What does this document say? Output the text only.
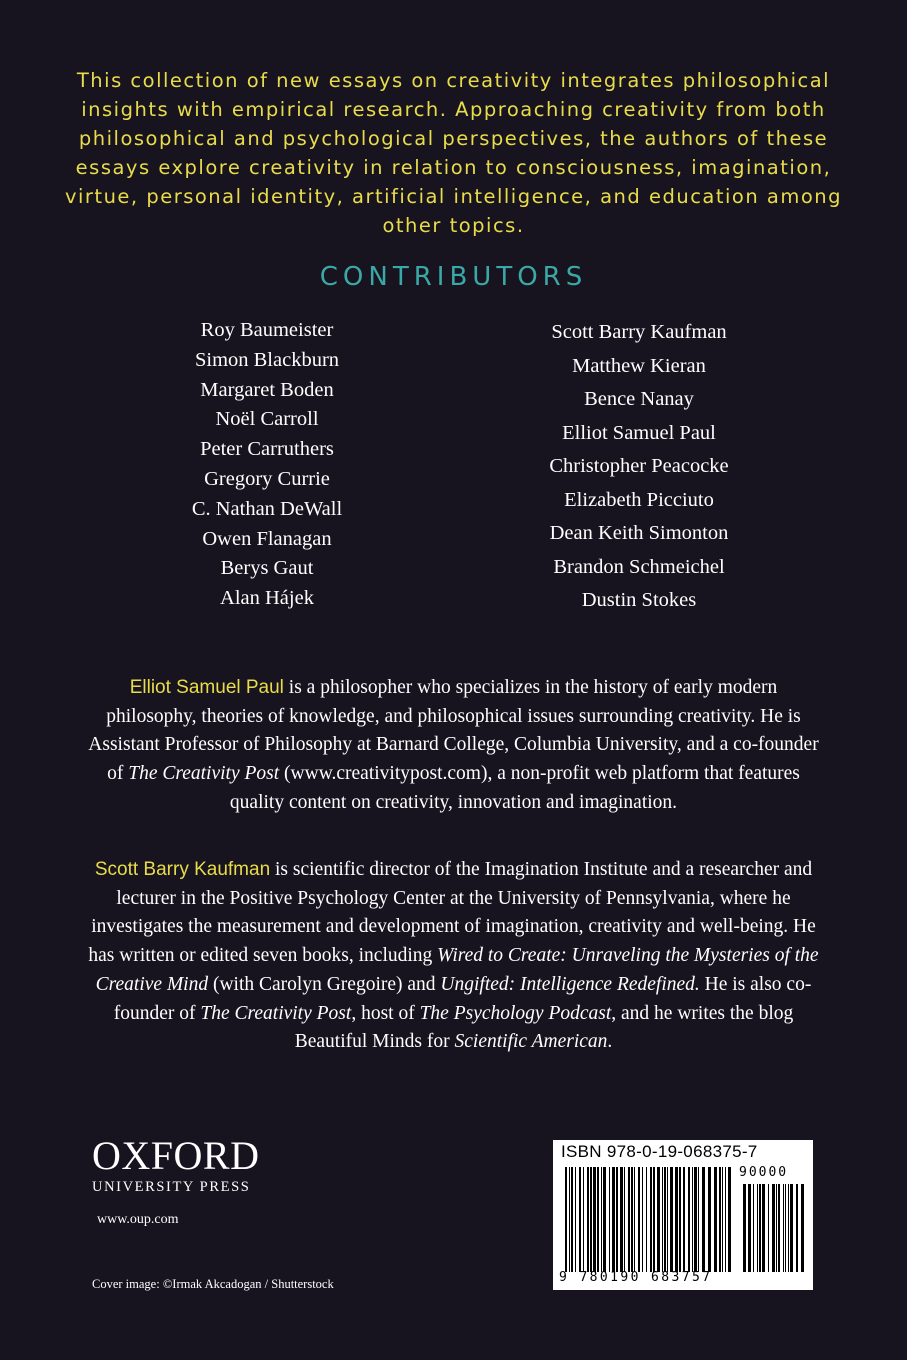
This collection of new essays on creativity integrates philosophical insights with empirical research. Approaching creativity from both philosophical and psychological perspectives, the authors of these essays explore creativity in relation to consciousness, imagination, virtue, personal identity, artificial intelligence, and education among other topics.
CONTRIBUTORS
Roy Baumeister
Simon Blackburn
Margaret Boden
Noël Carroll
Peter Carruthers
Gregory Currie
C. Nathan DeWall
Owen Flanagan
Berys Gaut
Alan Hájek
Scott Barry Kaufman
Matthew Kieran
Bence Nanay
Elliot Samuel Paul
Christopher Peacocke
Elizabeth Picciuto
Dean Keith Simonton
Brandon Schmeichel
Dustin Stokes
Elliot Samuel Paul is a philosopher who specializes in the history of early modern philosophy, theories of knowledge, and philosophical issues surrounding creativity. He is Assistant Professor of Philosophy at Barnard College, Columbia University, and a co-founder of The Creativity Post (www.creativitypost.com), a non-profit web platform that features quality content on creativity, innovation and imagination.
Scott Barry Kaufman is scientific director of the Imagination Institute and a researcher and lecturer in the Positive Psychology Center at the University of Pennsylvania, where he investigates the measurement and development of imagination, creativity and well-being. He has written or edited seven books, including Wired to Create: Unraveling the Mysteries of the Creative Mind (with Carolyn Gregoire) and Ungifted: Intelligence Redefined. He is also co-founder of The Creativity Post, host of The Psychology Podcast, and he writes the blog Beautiful Minds for Scientific American.
OXFORD
UNIVERSITY PRESS
www.oup.com
Cover image: ©Irmak Akcadogan / Shutterstock
ISBN 978-0-19-068375-7
90000
9 780190 683757
